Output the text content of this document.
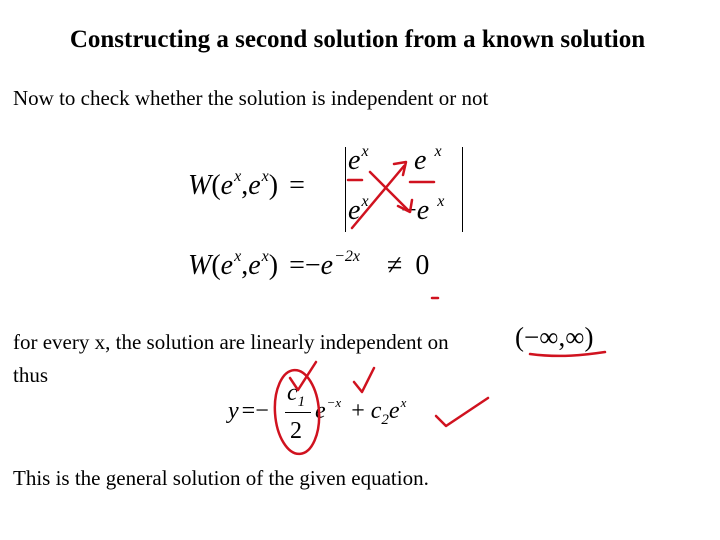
Constructing a second solution from a known solution
Now to check whether the solution is independent or not
$W(e^x,e^x)$ =
$e^x$ e $^x$
$e^x -e$ $^x$
$W(e^x,e^x) =-e^{-2x} \ne 0$
for every x, the solution are linearly independent on (−∞,∞)
thus
y =−
$c_1$
2
$e^{-x} + c_2e^x$
This is the general solution of the given equation.
